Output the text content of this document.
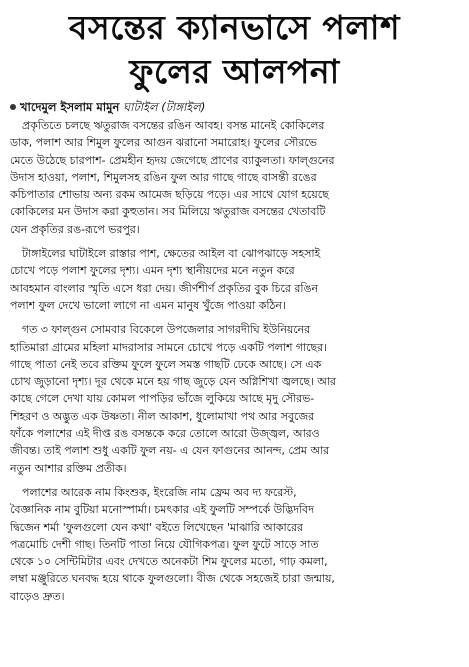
বসন্তের ক্যানভাসে পলাশ
ফুলের আলপনা
খাদেমুল ইসলাম মামুন ঘাটাইল (টাঙ্গাইল)

প্রকৃতিতে চলছে ঋতুরাজ বসন্তের রঙিন আবহ। বসন্ত মানেই কোকিলের
ডাক, পলাশ আর শিমুল ফুলের আগুন ঝরানো সমারোহ। ফুলের সৌরভে
মেতে উঠেছে চারপাশ- প্রেমহীন হৃদয় জেগেছে প্রাণের ব্যাকুলতা। ফাল্গুনের
উদাস হাওয়া, পলাশ, শিমুলসহ রঙিন ফুল আর গাছে গাছে বাসন্তী রঙের
কচিপাতার শোভায় অন্য রকম আমেজ ছড়িয়ে পড়ে। এর সাথে যোগ হয়েছে
কোকিলের মন উদাস করা কুহুতান। সব মিলিয়ে ঋতুরাজ বসন্তের খেতাবটি
যেন প্রকৃতির রঙ-রূপে ভরপুর।

টাঙ্গাইলের ঘাটাইলে রাস্তার পাশ, ক্ষেতের আইল বা ঝোপঝাড়ে সহসাই
চোখে পড়ে পলাশ ফুলের দৃশ্য। এমন দৃশ্য স্থানীয়দের মনে নতুন করে
আবহমান বাংলার স্মৃতি এসে ধরা দেয়। জীর্ণশীর্ণ প্রকৃতির বুক চিরে রঙিন
পলাশ ফুল দেখে ভালো লাগে না এমন মানুষ খুঁজে পাওয়া কঠিন।

গত ৩ ফাল্গুন সোমবার বিকেলে উপজেলার সাগরদীঘি ইউনিয়নের
হাতিমারা গ্রামের মহিলা মাদরাসার সামনে চোখে পড়ে একটি পলাশ গাছের।
গাছে পাতা নেই তবে রক্তিম ফুলে ফুলে সমস্ত গাছটি ঢেকে আছে। সে এক
চোখ জুড়ানো দৃশ্য। দূর থেকে মনে হয় গাছ জুড়ে যেন অগ্নিশিখা জ্বলছে। আর
কাছে গেলে দেখা যায় কোমল পাপড়ির ভাঁজে লুকিয়ে আছে মৃদু সৌরভ-
শিহরণ ও অদ্ভুত এক উষ্ণতা। নীল আকাশ, ধুলোমাখা পথ আর সবুজের
ফাঁকে পলাশের এই দীপ্ত রঙ বসন্তকে করে তোলে আরো উজ্জ্বল, আরও
জীবন্ত। তাই পলাশ শুধু একটি ফুল নয়- এ যেন ফাগুনের আনন্দ, প্রেম আর
নতুন আশার রক্তিম প্রতীক।

পলাশের আরেক নাম কিংশুক, ইংরেজি নাম ফ্রেম অব দ্য ফরেস্ট,
বৈজ্ঞানিক নাম বুটিয়া মনোস্পার্মা। চমৎকার এই ফুলটি সম্পর্কে উদ্ভিদবিদ
দ্বিজেন শর্মা 'ফুলগুলো যেন কথা' বইতে লিখেছেন 'মাঝারি আকারের
পত্রমোচি দেশী গাছ। তিনটি পাতা নিয়ে যৌগিকপত্র। ফুল ফুটে সাড়ে সাত
থেকে ১০ সেন্টিমিটার এবং দেখতে অনেকটা শিম ফুলের মতো, গাঢ় কমলা,
লম্বা মঞ্জুরিতে ঘনবদ্ধ হয়ে থাকে ফুলগুলো। বীজ থেকে সহজেই চারা জন্মায়,
বাড়েও দ্রুত।
